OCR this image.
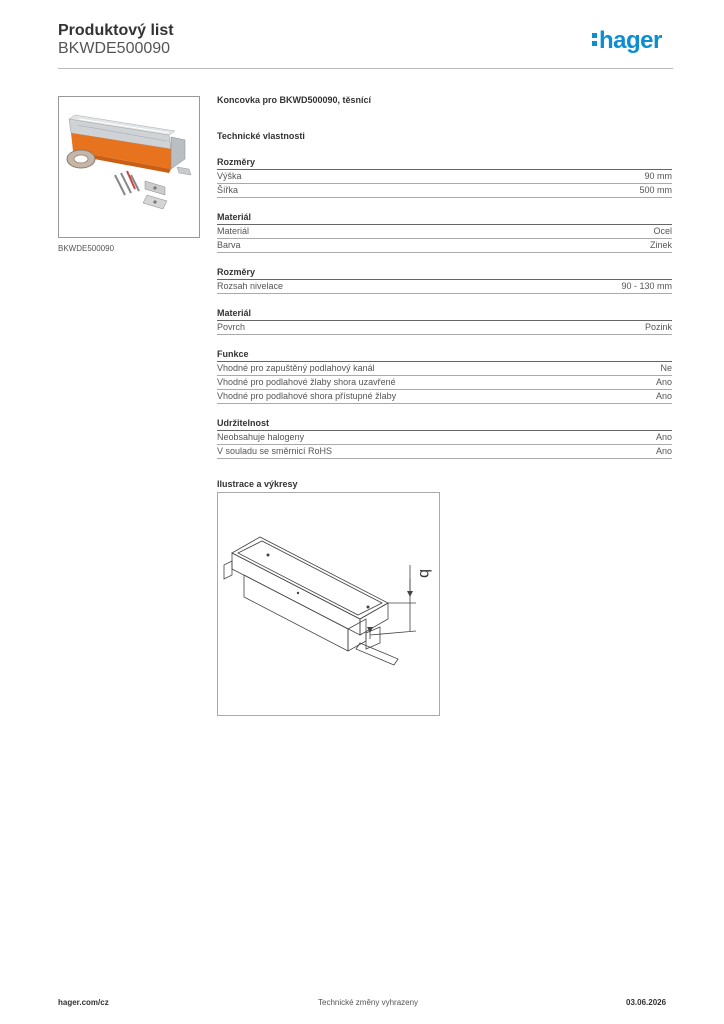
Produktový list
BKWDE500090	hager
BKWDE500090
Koncovka pro BKWD500090, těsnící
Technické vlastnosti
Rozměry
Výška	90 mm
Šířka	500 mm
Materiál
Materiál	Ocel
Barva	Zinek
Rozměry
Rozsah nivelace	90 - 130 mm
Materiál
Povrch	Pozink
Funkce
Vhodné pro zapuštěný podlahový kanál	Ne
Vhodné pro podlahové žlaby shora uzavřené	Ano
Vhodné pro podlahové shora přístupné žlaby	Ano
Udržitelnost
Neobsahuje halogeny	Ano
V souladu se směrnicí RoHS	Ano
Ilustrace a výkresy
b
hager.com/cz	Technické změny vyhrazeny	03.06.2026
